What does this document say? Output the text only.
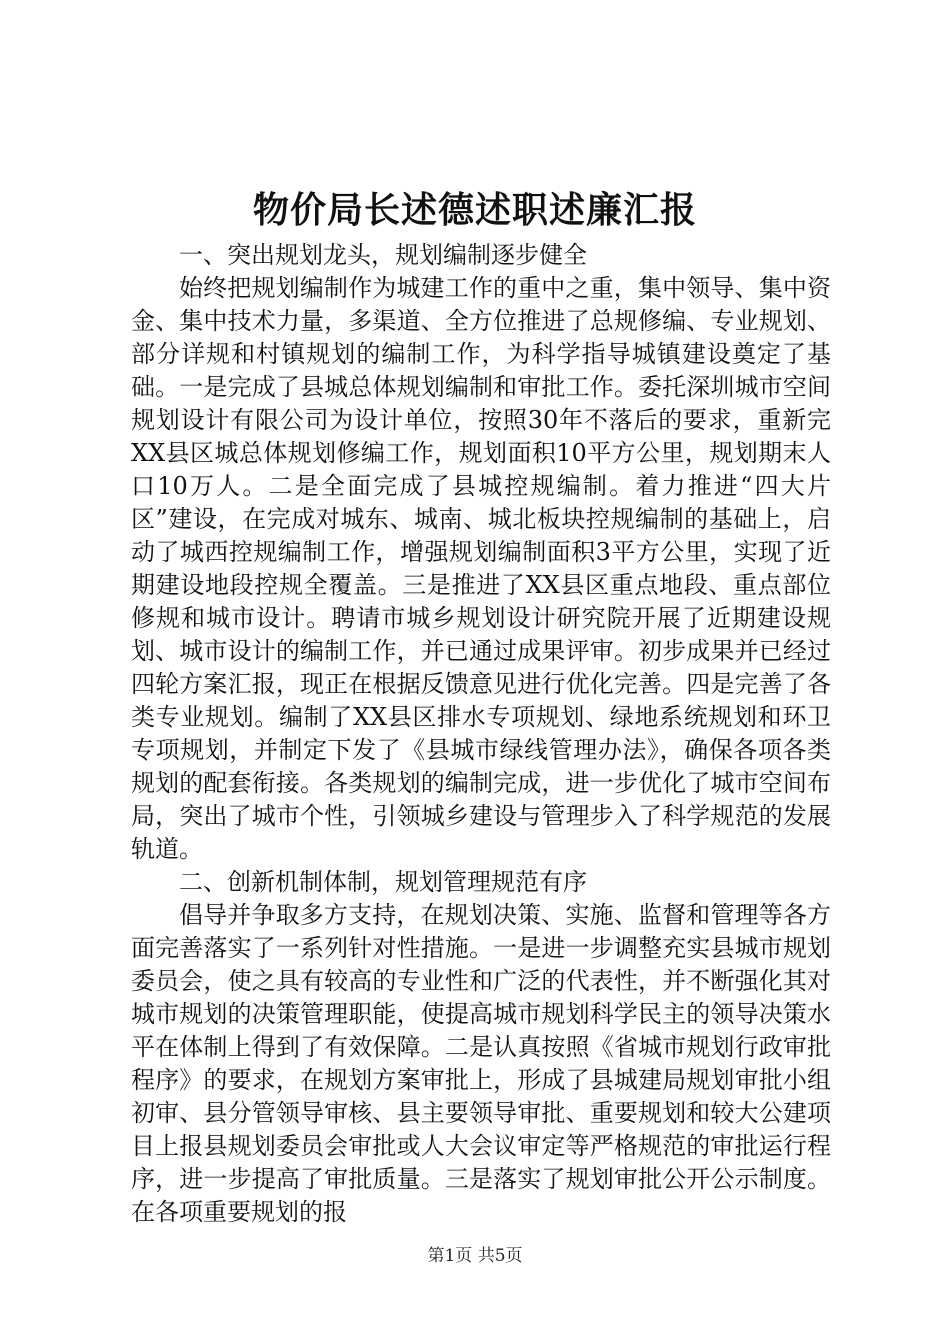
物价局长述德述职述廉汇报

一、突出规划龙头，规划编制逐步健全

始终把规划编制作为城建工作的重中之重，集中领导、集中资金、集中技术力量，多渠道、全方位推进了总规修编、专业规划、部分详规和村镇规划的编制工作，为科学指导城镇建设奠定了基础。一是完成了县城总体规划编制和审批工作。委托深圳城市空间规划设计有限公司为设计单位，按照30年不落后的要求，重新完XX县区城总体规划修编工作，规划面积10平方公里，规划期末人口10万人。二是全面完成了县城控规编制。着力推进“四大片区”建设，在完成对城东、城南、城北板块控规编制的基础上，启动了城西控规编制工作，增强规划编制面积3平方公里，实现了近期建设地段控规全覆盖。三是推进了XX县区重点地段、重点部位修规和城市设计。聘请市城乡规划设计研究院开展了近期建设规划、城市设计的编制工作，并已通过成果评审。初步成果并已经过四轮方案汇报，现正在根据反馈意见进行优化完善。四是完善了各类专业规划。编制了XX县区排水专项规划、绿地系统规划和环卫专项规划，并制定下发了《县城市绿线管理办法》，确保各项各类规划的配套衔接。各类规划的编制完成，进一步优化了城市空间布局，突出了城市个性，引领城乡建设与管理步入了科学规范的发展轨道。

二、创新机制体制，规划管理规范有序

倡导并争取多方支持，在规划决策、实施、监督和管理等各方面完善落实了一系列针对性措施。一是进一步调整充实县城市规划委员会，使之具有较高的专业性和广泛的代表性，并不断强化其对城市规划的决策管理职能，使提高城市规划科学民主的领导决策水平在体制上得到了有效保障。二是认真按照《省城市规划行政审批程序》的要求，在规划方案审批上，形成了县城建局规划审批小组初审、县分管领导审核、县主要领导审批、重要规划和较大公建项目上报县规划委员会审批或人大会议审定等严格规范的审批运行程序，进一步提高了审批质量。三是落实了规划审批公开公示制度。在各项重要规划的报

第1页 共5页
